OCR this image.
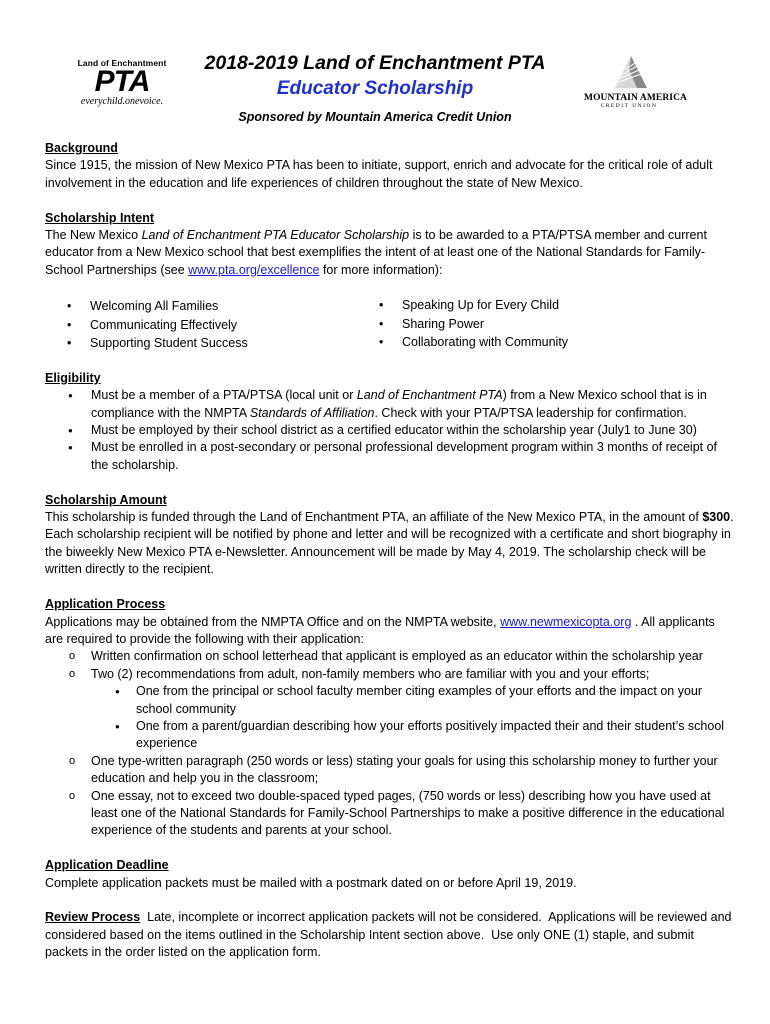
Land of Enchantment
PTA
everychild.onevoice.
2018-2019 Land of Enchantment PTA
Educator Scholarship
Sponsored by Mountain America Credit Union
MOUNTAIN AMERICA
CREDIT UNION
Background

Since 1915, the mission of New Mexico PTA has been to initiate, support, enrich and advocate for the critical role of adult involvement in the education and life experiences of children throughout the state of New Mexico.

Scholarship Intent

The New Mexico Land of Enchantment PTA Educator Scholarship is to be awarded to a PTA/PTSA member and current educator from a New Mexico school that best exemplifies the intent of at least one of the National Standards for Family-School Partnerships (see www.pta.org/excellence for more information):

• Welcoming All Families
• Communicating Effectively
• Supporting Student Success
• Speaking Up for Every Child
• Sharing Power
• Collaborating with Community
Eligibility
● Must be a member of a PTA/PTSA (local unit or Land of Enchantment PTA) from a New Mexico school that is in compliance with the NMPTA Standards of Affiliation. Check with your PTA/PTSA leadership for confirmation.
● Must be employed by their school district as a certified educator within the scholarship year (July1 to June 30)
● Must be enrolled in a post-secondary or personal professional development program within 3 months of receipt of the scholarship.
Scholarship Amount

This scholarship is funded through the Land of Enchantment PTA, an affiliate of the New Mexico PTA, in the amount of $300. Each scholarship recipient will be notified by phone and letter and will be recognized with a certificate and short biography in the biweekly New Mexico PTA e-Newsletter. Announcement will be made by May 4, 2019. The scholarship check will be written directly to the recipient.

Application Process

Applications may be obtained from the NMPTA Office and on the NMPTA website, www.newmexicopta.org . All applicants are required to provide the following with their application:

o Written confirmation on school letterhead that applicant is employed as an educator within the scholarship year
o Two (2) recommendations from adult, non-family members who are familiar with you and your efforts;
● One from the principal or school faculty member citing examples of your efforts and the impact on your school community
● One from a parent/guardian describing how your efforts positively impacted their and their student’s school experience
o One type-written paragraph (250 words or less) stating your goals for using this scholarship money to further your education and help you in the classroom;
o One essay, not to exceed two double-spaced typed pages, (750 words or less) describing how you have used at least one of the National Standards for Family-School Partnerships to make a positive difference in the educational experience of the students and parents at your school.
Application Deadline

Complete application packets must be mailed with a postmark dated on or before April 19, 2019.

Review Process  Late, incomplete or incorrect application packets will not be considered.  Applications will be reviewed and considered based on the items outlined in the Scholarship Intent section above.  Use only ONE (1) staple, and submit packets in the order listed on the application form.
